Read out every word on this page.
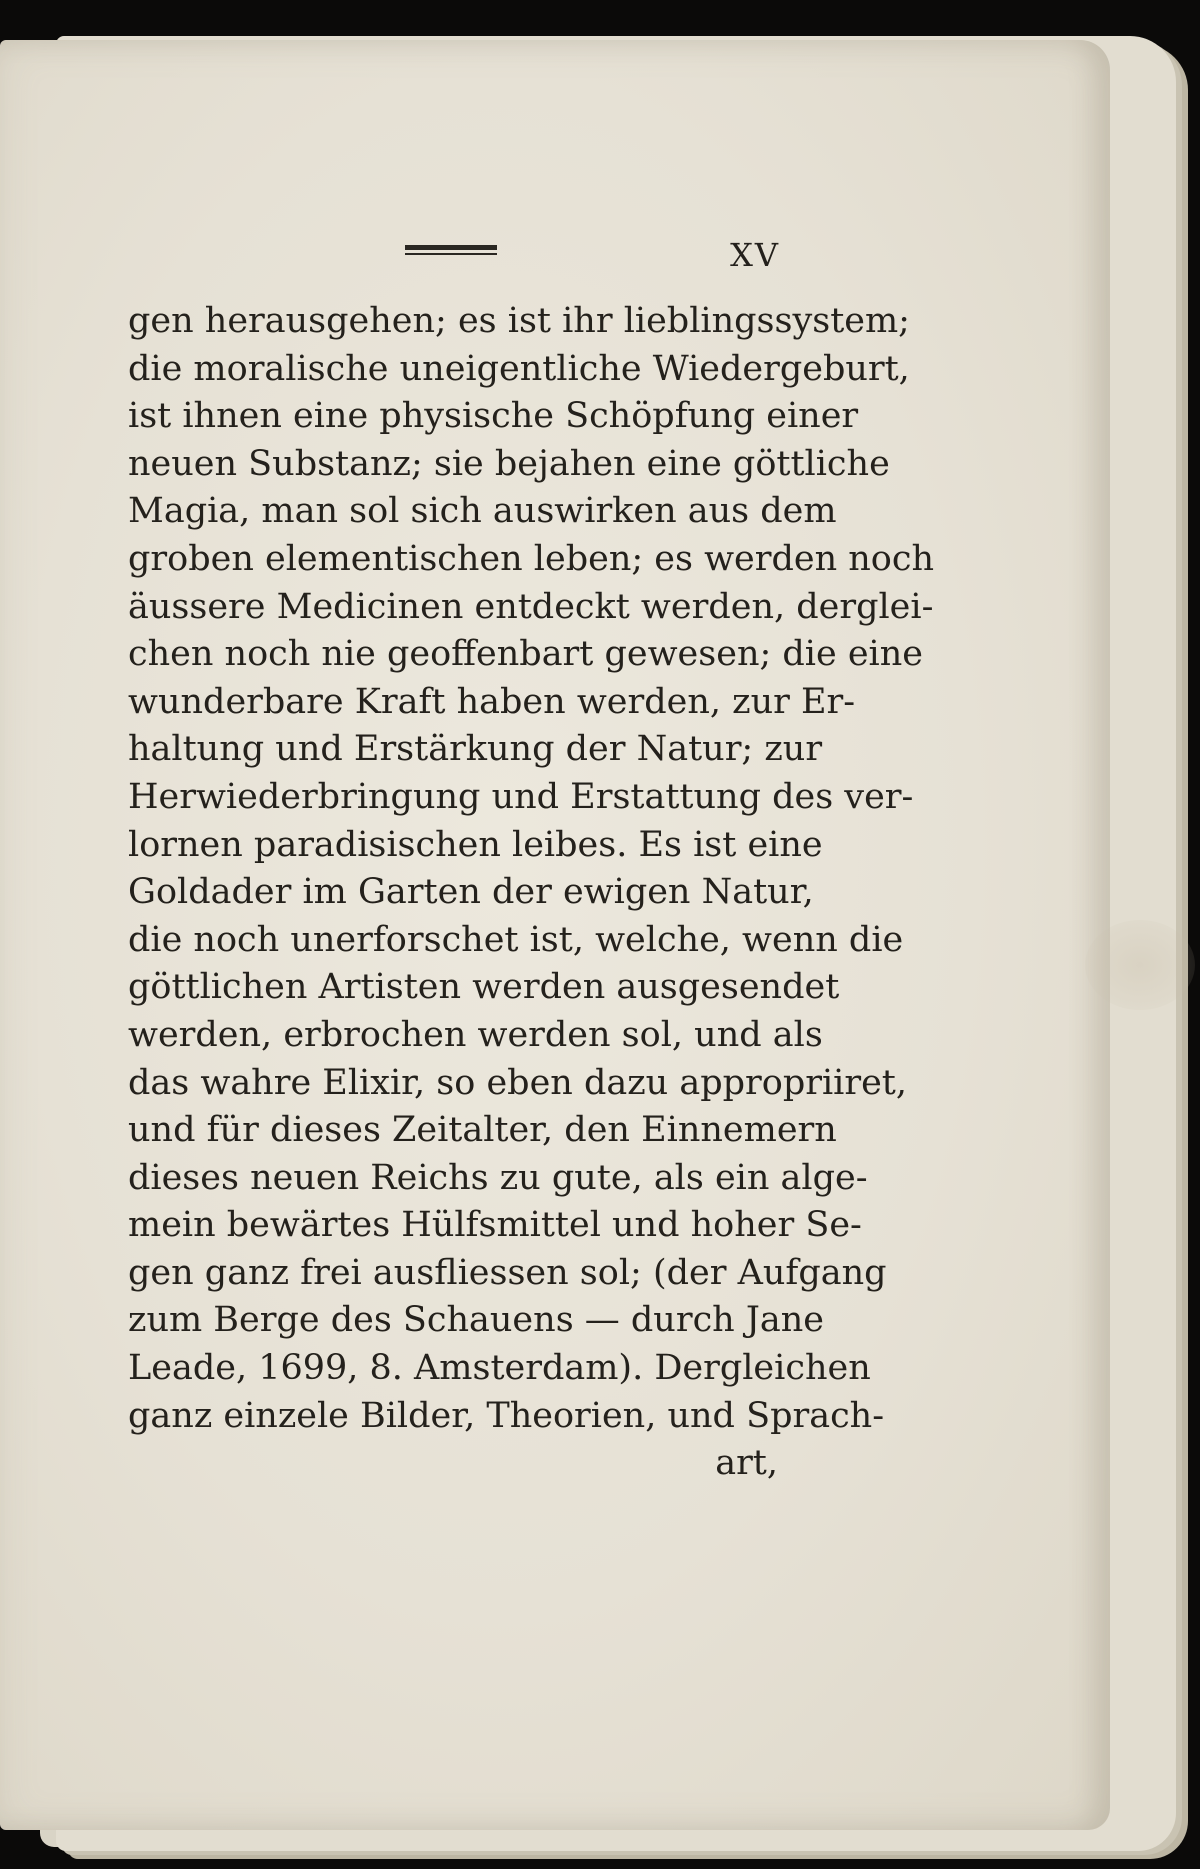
XV
gen herausgehen; es ist ihr lieblingssystem;
die moralische uneigentliche Wiedergeburt,
ist ihnen eine physische Schöpfung einer
neuen Substanz; sie bejahen eine göttliche
Magia, man sol sich auswirken aus dem
groben elementischen leben; es werden noch
äussere Medicinen entdeckt werden, derglei-
chen noch nie geoffenbart gewesen; die eine
wunderbare Kraft haben werden, zur Er-
haltung und Erstärkung der Natur; zur
Herwiederbringung und Erstattung des ver-
lornen paradisischen leibes. Es ist eine
Goldader im Garten der ewigen Natur,
die noch unerforschet ist, welche, wenn die
göttlichen Artisten werden ausgesendet
werden, erbrochen werden sol, und als
das wahre Elixir, so eben dazu appropriiret,
und für dieses Zeitalter, den Einnemern
dieses neuen Reichs zu gute, als ein alge-
mein bewärtes Hülfsmittel und hoher Se-
gen ganz frei ausfliessen sol; (der Aufgang
zum Berge des Schauens — durch Jane
Leade, 1699, 8. Amsterdam). Dergleichen
ganz einzele Bilder, Theorien, und Sprach-
art,
